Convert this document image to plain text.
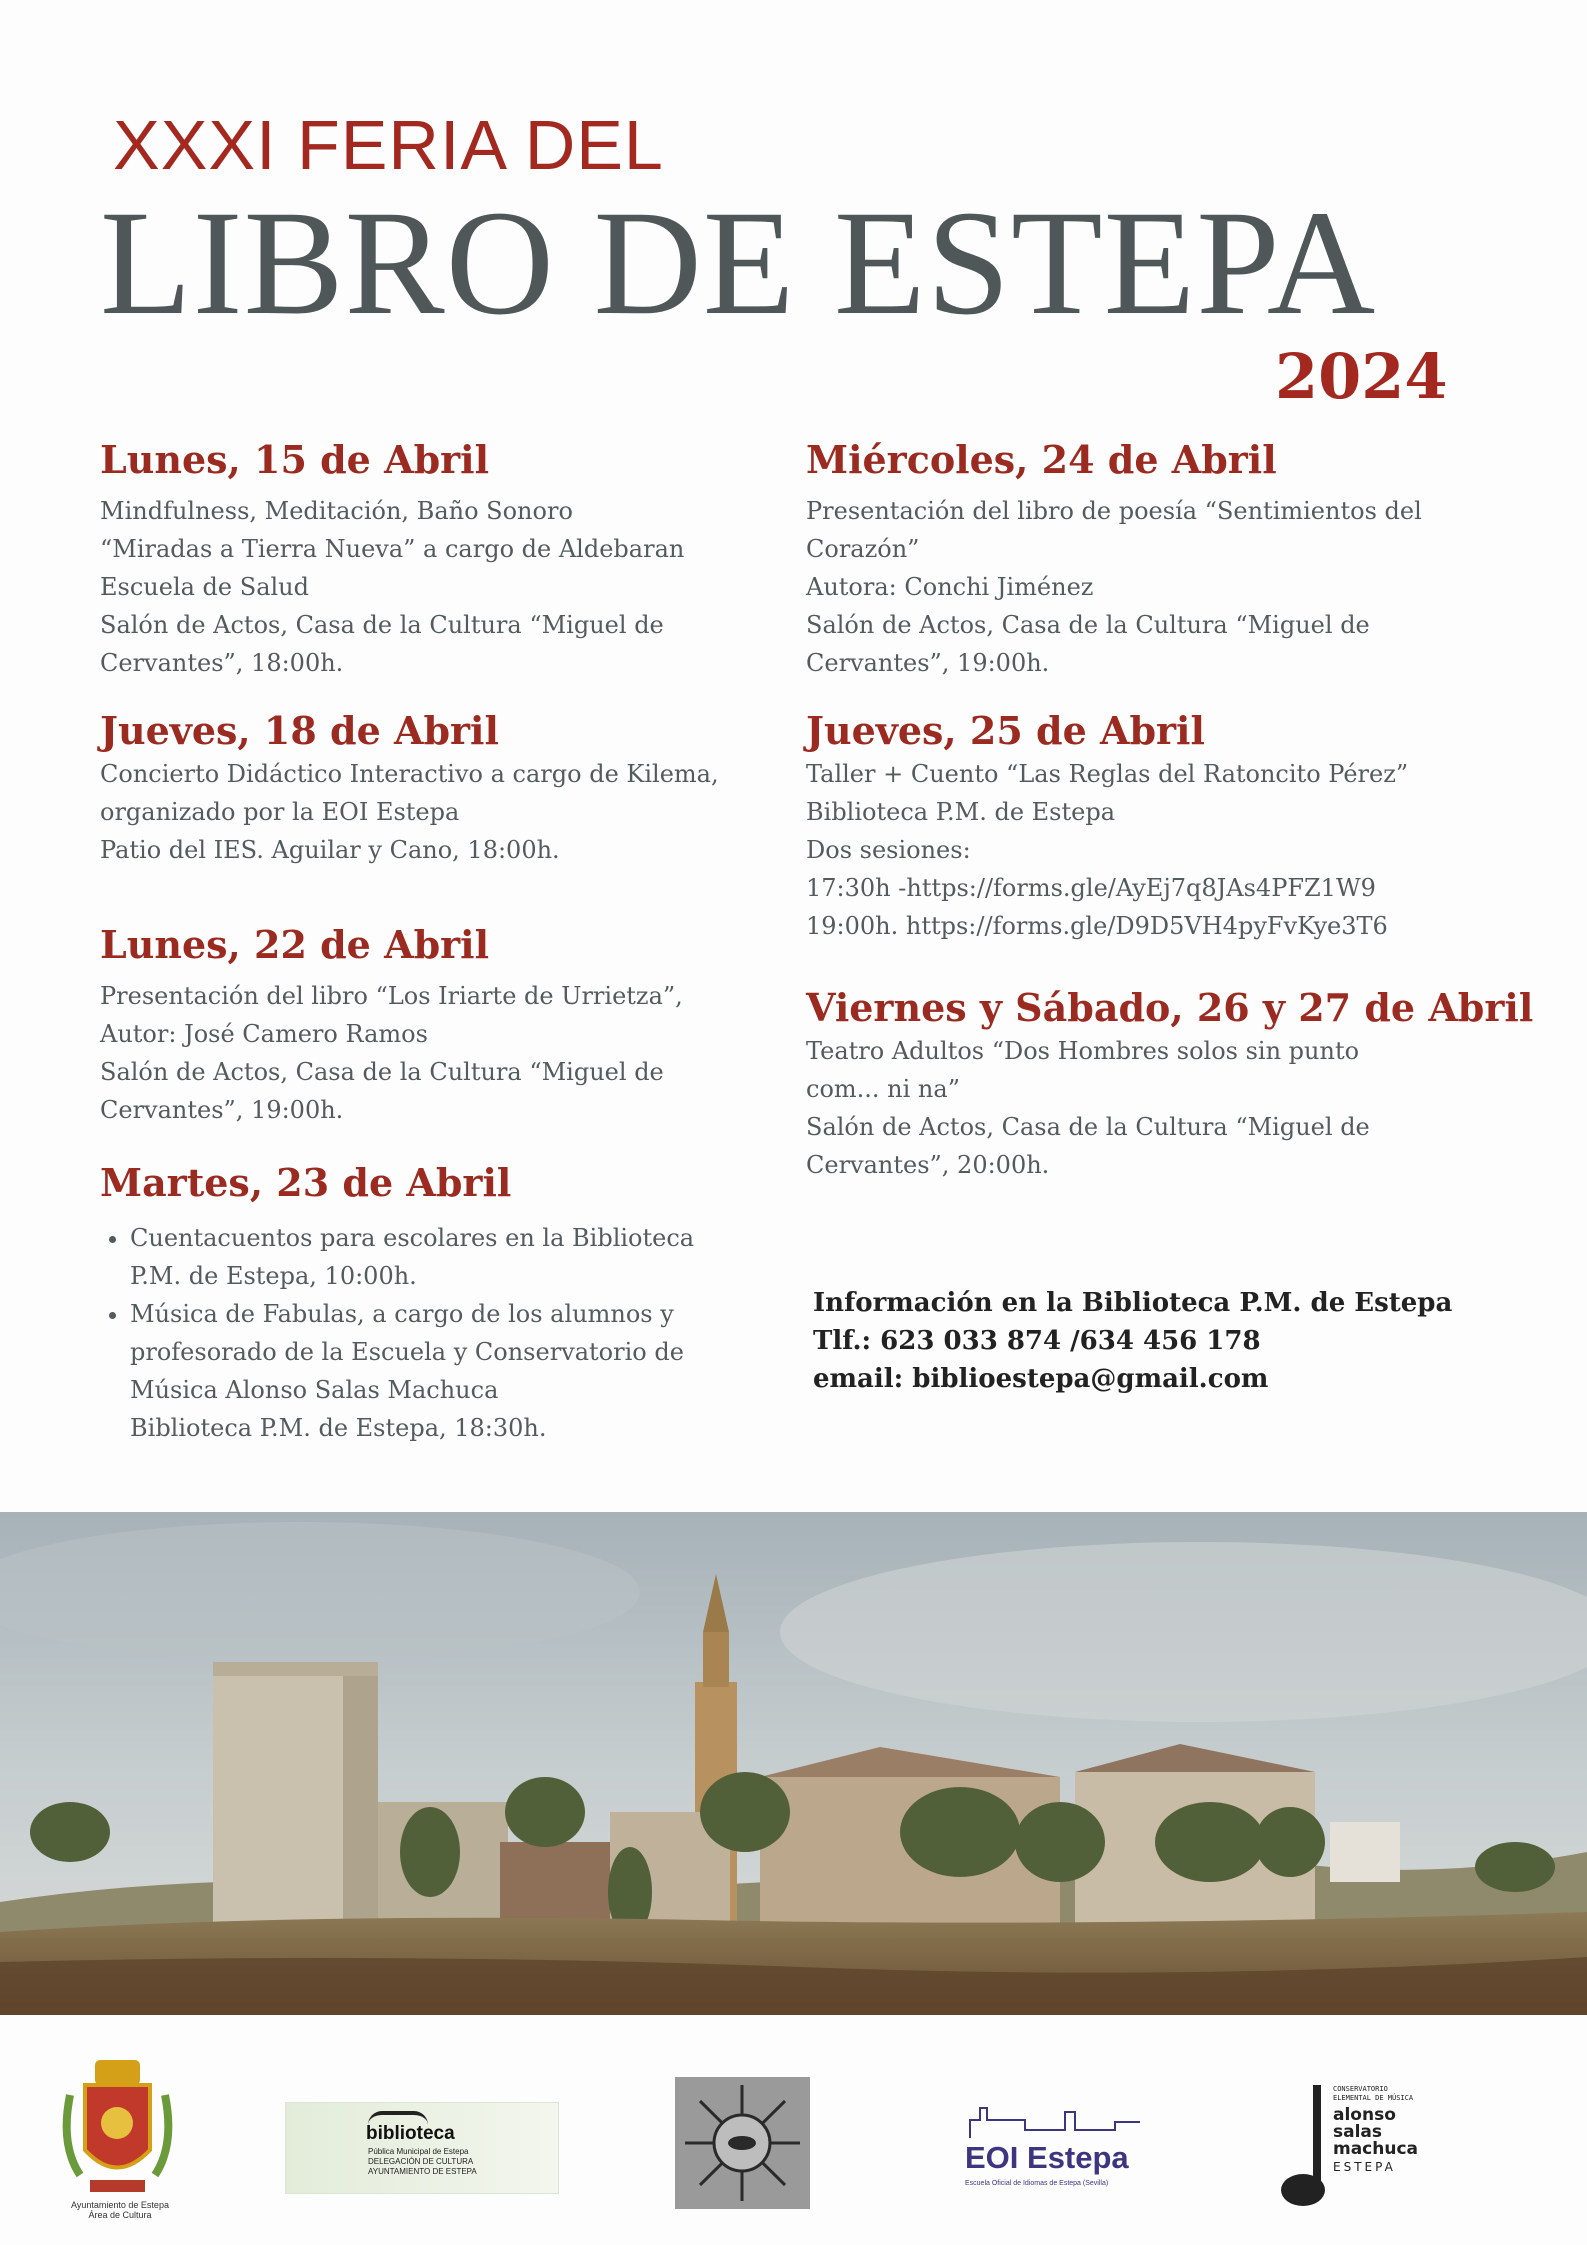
XXXI FERIA DEL
LIBRO DE ESTEPA
2024
Lunes, 15 de Abril

Mindfulness, Meditación, Baño Sonoro

“Miradas a Tierra Nueva” a cargo de Aldebaran

Escuela de Salud

Salón de Actos, Casa de la Cultura “Miguel de

Cervantes”, 18:00h.

Jueves, 18 de Abril

Concierto Didáctico Interactivo a cargo de Kilema,

organizado por la EOI Estepa

Patio del IES. Aguilar y Cano, 18:00h.

Lunes, 22 de Abril

Presentación del libro “Los Iriarte de Urrietza”,

Autor: José Camero Ramos

Salón de Actos, Casa de la Cultura “Miguel de

Cervantes”, 19:00h.

Martes, 23 de Abril
• Cuentacuentos para escolares en la Biblioteca
P.M. de Estepa, 10:00h.
• Música de Fabulas, a cargo de los alumnos y
profesorado de la Escuela y Conservatorio de
Música Alonso Salas Machuca
Biblioteca P.M. de Estepa, 18:30h.
Miércoles, 24 de Abril

Presentación del libro de poesía “Sentimientos del

Corazón”

Autora: Conchi Jiménez

Salón de Actos, Casa de la Cultura “Miguel de

Cervantes”, 19:00h.

Jueves, 25 de Abril

Taller + Cuento “Las Reglas del Ratoncito Pérez”

Biblioteca P.M. de Estepa

Dos sesiones:

17:30h -https://forms.gle/AyEj7q8JAs4PFZ1W9

19:00h. https://forms.gle/D9D5VH4pyFvKye3T6

Viernes y Sábado, 26 y 27 de Abril

Teatro Adultos “Dos Hombres solos sin punto

com... ni na”

Salón de Actos, Casa de la Cultura “Miguel de

Cervantes”, 20:00h.

Información en la Biblioteca P.M. de Estepa

Tlf.: 623 033 874 /634 456 178

email: biblioestepa@gmail.com

Ayuntamiento de Estepa
Área de Cultura
biblioteca
Pública Municipal de Estepa
DELEGACIÓN DE CULTURA
AYUNTAMIENTO DE ESTEPA	EOI Estepa
Escuela Oficial de Idiomas de Estepa (Sevilla)
CONSERVATORIO
ELEMENTAL DE MÚSICA
alonso
salas
machuca
ESTEPA
